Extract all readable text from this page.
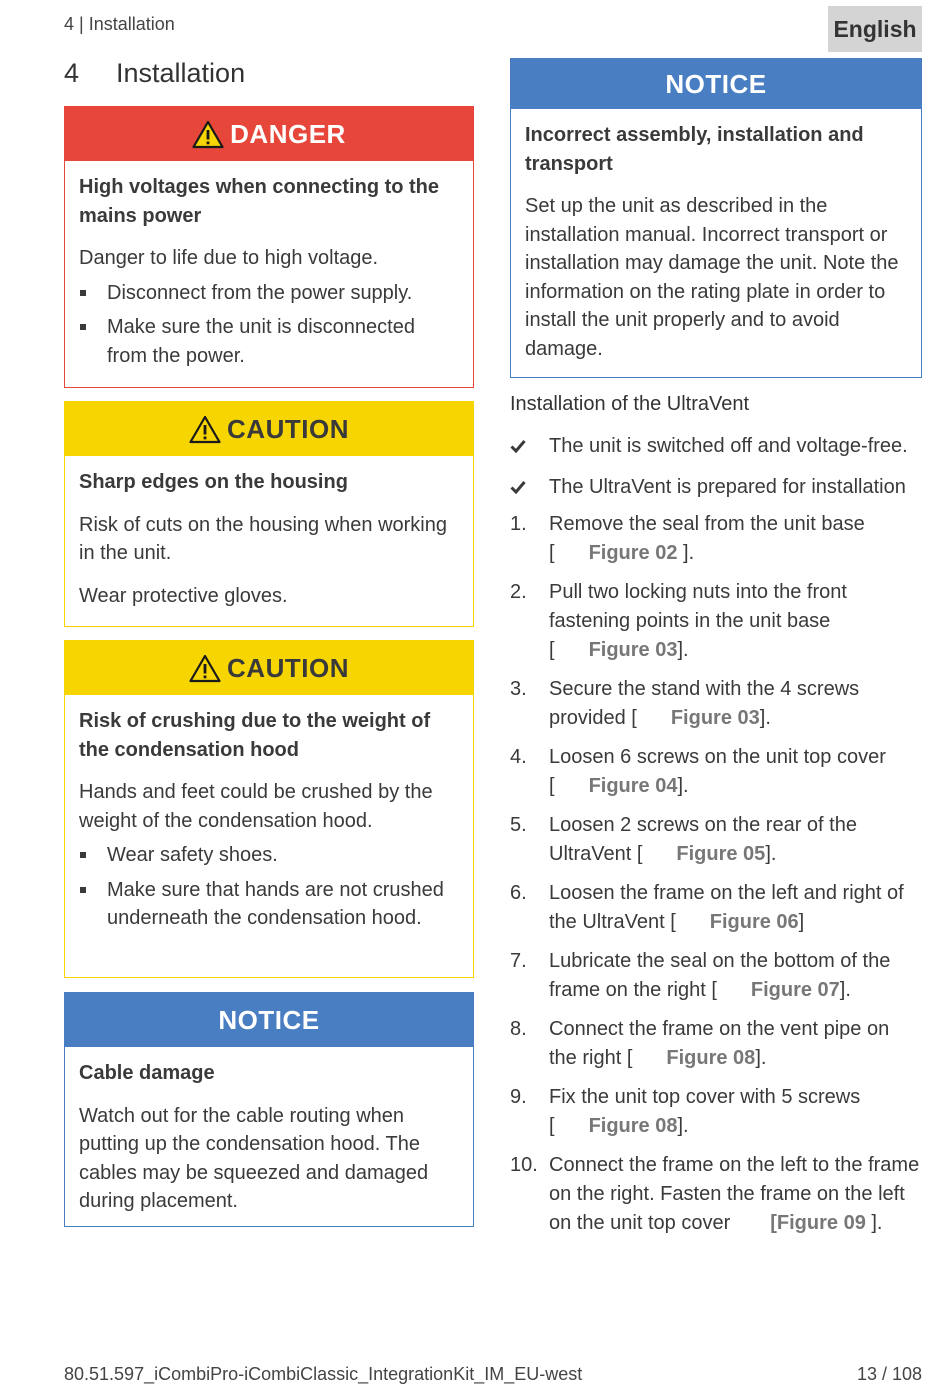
4 | Installation	English
4 Installation
DANGER
High voltages when connecting to the mains power

Danger to life due to high voltage.

Disconnect from the power supply.
Make sure the unit is disconnected from the power.
CAUTION
Sharp edges on the housing

Risk of cuts on the housing when working in the unit.

Wear protective gloves.

CAUTION
Risk of crushing due to the weight of the condensation hood

Hands and feet could be crushed by the weight of the condensation hood.

Wear safety shoes.
Make sure that hands are not crushed underneath the condensation hood.
NOTICE
Cable damage

Watch out for the cable routing when putting up the condensation hood. The cables may be squeezed and damaged during placement.

NOTICE
Incorrect assembly, installation and transport

Set up the unit as described in the installation manual. Incorrect transport or installation may damage the unit. Note the information on the rating plate in order to install the unit properly and to avoid damage.

Installation of the UltraVent
The unit is switched off and voltage-free.
The UltraVent is prepared for installation
1. Remove the seal from the unit base
[ Figure 02 ].
2. Pull two locking nuts into the front fastening points in the unit base
[ Figure 03].
3. Secure the stand with the 4 screws provided [ Figure 03].
4. Loosen 6 screws on the unit top cover
[ Figure 04].
5. Loosen 2 screws on the rear of the UltraVent [ Figure 05].
6. Loosen the frame on the left and right of the UltraVent [ Figure 06]
7. Lubricate the seal on the bottom of the frame on the right [ Figure 07].
8. Connect the frame on the vent pipe on the right [ Figure 08].
9. Fix the unit top cover with 5 screws
[ Figure 08].
10. Connect the frame on the left to the frame on the right. Fasten the frame on the left on the unit top cover [Figure 09 ].
80.51.597_iCombiPro-iCombiClassic_IntegrationKit_IM_EU-west	13 / 108
